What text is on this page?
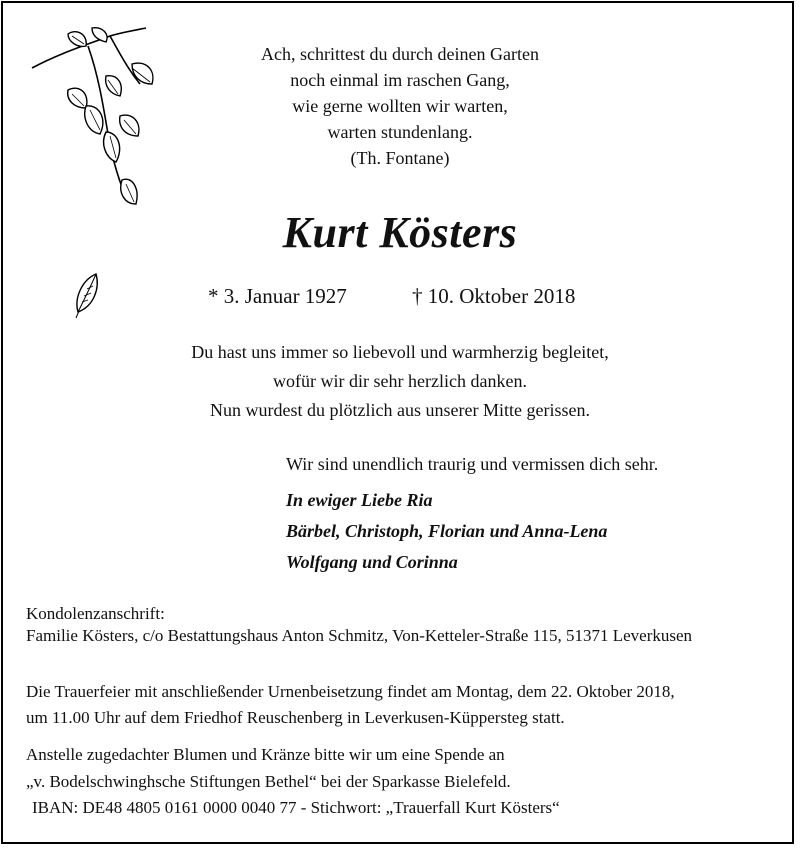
Ach, schrittest du durch deinen Garten
noch einmal im raschen Gang,
wie gerne wollten wir warten,
warten stundenlang.
(Th. Fontane)
Kurt Kösters
* 3. Januar 1927	† 10. Oktober 2018
Du hast uns immer so liebevoll und warmherzig begleitet,
wofür wir dir sehr herzlich danken.
Nun wurdest du plötzlich aus unserer Mitte gerissen.
Wir sind unendlich traurig und vermissen dich sehr.
In ewiger Liebe Ria
Bärbel, Christoph, Florian und Anna-Lena
Wolfgang und Corinna
Kondolenzanschrift:
Familie Kösters, c/o Bestattungshaus Anton Schmitz, Von-Ketteler-Straße 115, 51371 Leverkusen
Die Trauerfeier mit anschließender Urnenbeisetzung findet am Montag, dem 22. Oktober 2018,
um 11.00 Uhr auf dem Friedhof Reuschenberg in Leverkusen-Küppersteg statt.
Anstelle zugedachter Blumen und Kränze bitte wir um eine Spende an
„v. Bodelschwinghsche Stiftungen Bethel“ bei der Sparkasse Bielefeld.
IBAN: DE48 4805 0161 0000 0040 77 - Stichwort: „Trauerfall Kurt Kösters“
